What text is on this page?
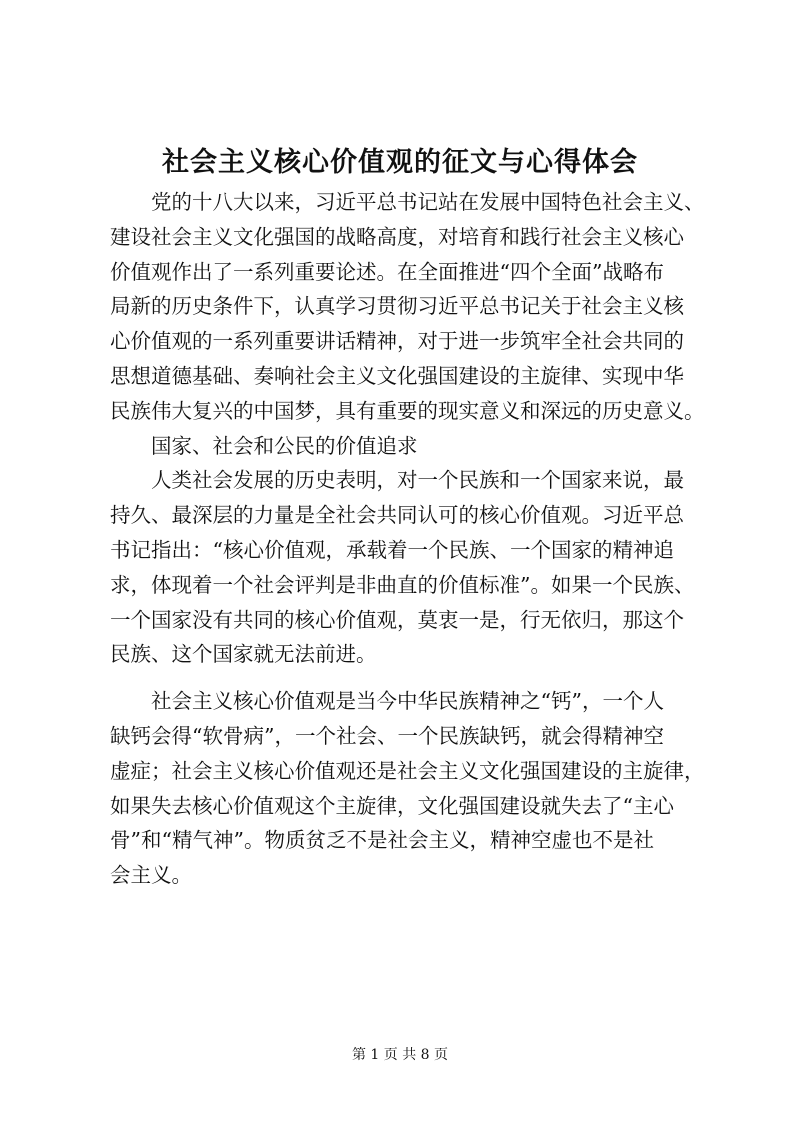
社会主义核心价值观的征文与心得体会
　　党的十八大以来，习近平总书记站在发展中国特色社会主义、
建设社会主义文化强国的战略高度，对培育和践行社会主义核心
价值观作出了一系列重要论述。在全面推进“四个全面”战略布
局新的历史条件下，认真学习贯彻习近平总书记关于社会主义核
心价值观的一系列重要讲话精神，对于进一步筑牢全社会共同的
思想道德基础、奏响社会主义文化强国建设的主旋律、实现中华
民族伟大复兴的中国梦，具有重要的现实意义和深远的历史意义。
　　国家、社会和公民的价值追求
　　人类社会发展的历史表明，对一个民族和一个国家来说，最
持久、最深层的力量是全社会共同认可的核心价值观。习近平总
书记指出：“核心价值观，承载着一个民族、一个国家的精神追
求，体现着一个社会评判是非曲直的价值标准”。如果一个民族、
一个国家没有共同的核心价值观，莫衷一是，行无依归，那这个
民族、这个国家就无法前进。
　　社会主义核心价值观是当今中华民族精神之“钙”，一个人
缺钙会得“软骨病”，一个社会、一个民族缺钙，就会得精神空
虚症；社会主义核心价值观还是社会主义文化强国建设的主旋律，
如果失去核心价值观这个主旋律，文化强国建设就失去了“主心
骨”和“精气神”。物质贫乏不是社会主义，精神空虚也不是社
会主义。
第 1 页 共 8 页
